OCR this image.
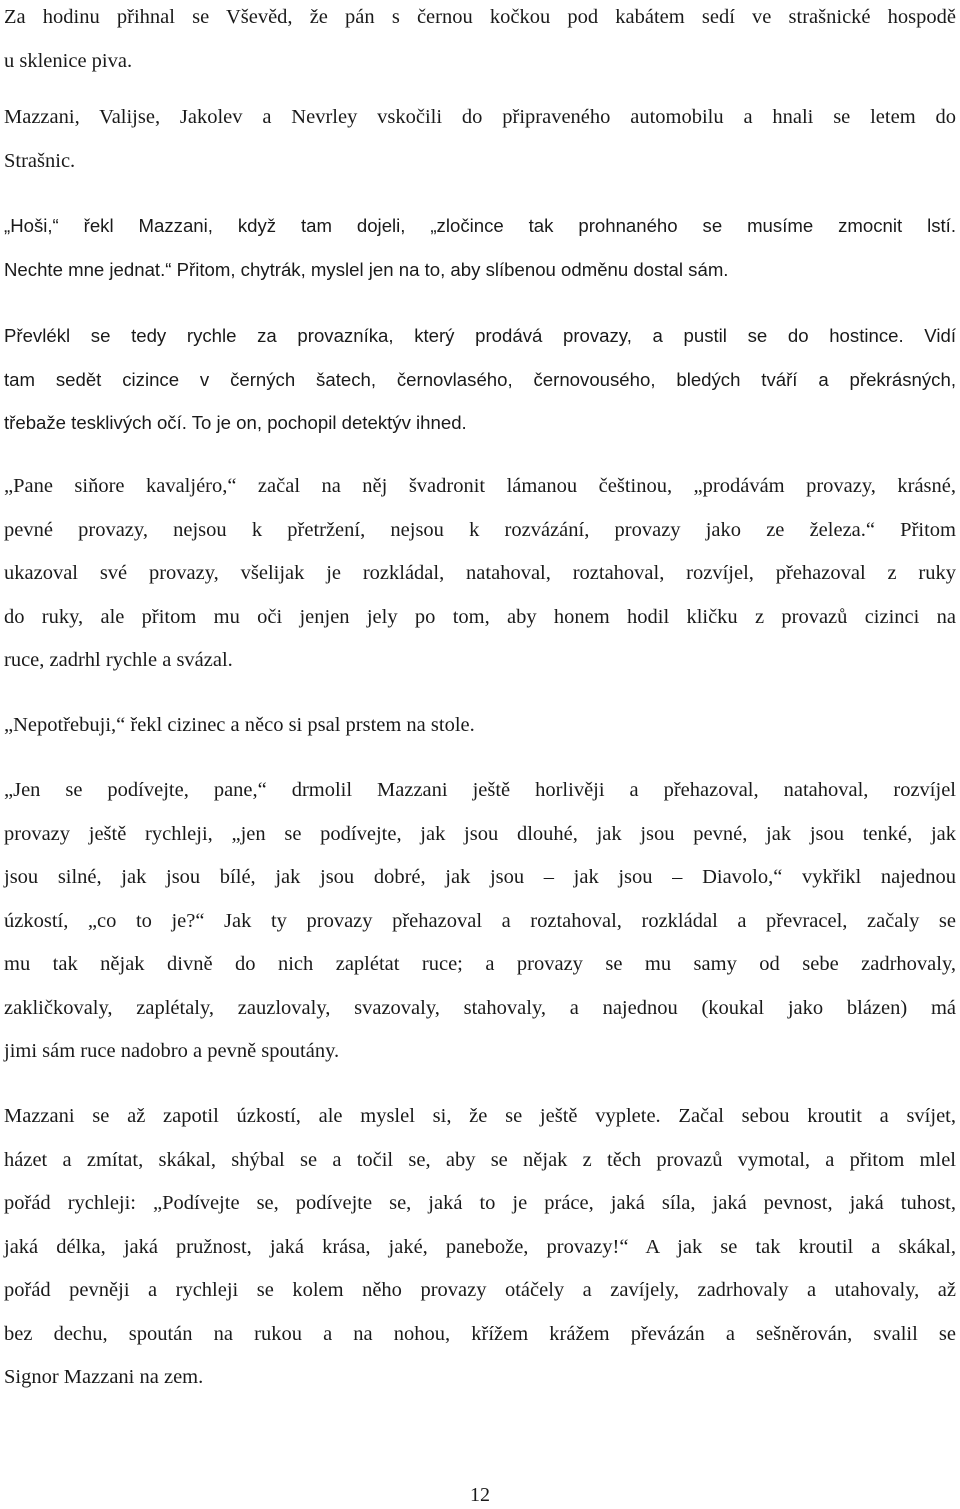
Za hodinu přihnal se Vševěd, že pán s černou kočkou pod kabátem sedí ve strašnické hospodě
u sklenice piva.

Mazzani, Valijse, Jakolev a Nevrley vskočili do připraveného automobilu a hnali se letem do
Strašnic.

„Hoši,“ řekl Mazzani, když tam dojeli, „zločince tak prohnaného se musíme zmocnit lstí.
Nechte mne jednat.“ Přitom, chytrák, myslel jen na to, aby slíbenou odměnu dostal sám.

Převlékl se tedy rychle za provazníka, který prodává provazy, a pustil se do hostince. Vidí
tam sedět cizince v černých šatech, černovlasého, černovousého, bledých tváří a překrásných,
třebaže tesklivých očí. To je on, pochopil detektýv ihned.

„Pane siňore kavaljéro,“ začal na něj švadronit lámanou češtinou, „prodávám provazy, krásné,
pevné provazy, nejsou k přetržení, nejsou k rozvázání, provazy jako ze železa.“ Přitom
ukazoval své provazy, všelijak je rozkládal, natahoval, roztahoval, rozvíjel, přehazoval z ruky
do ruky, ale přitom mu oči jenjen jely po tom, aby honem hodil kličku z provazů cizinci na
ruce, zadrhl rychle a svázal.

„Nepotřebuji,“ řekl cizinec a něco si psal prstem na stole.

„Jen se podívejte, pane,“ drmolil Mazzani ještě horlivěji a přehazoval, natahoval, rozvíjel
provazy ještě rychleji, „jen se podívejte, jak jsou dlouhé, jak jsou pevné, jak jsou tenké, jak
jsou silné, jak jsou bílé, jak jsou dobré, jak jsou – jak jsou – Diavolo,“ vykřikl najednou
úzkostí, „co to je?“ Jak ty provazy přehazoval a roztahoval, rozkládal a převracel, začaly se
mu tak nějak divně do nich zaplétat ruce; a provazy se mu samy od sebe zadrhovaly,
zakličkovaly, zaplétaly, zauzlovaly, svazovaly, stahovaly, a najednou (koukal jako blázen) má
jimi sám ruce nadobro a pevně spoutány.

Mazzani se až zapotil úzkostí, ale myslel si, že se ještě vyplete. Začal sebou kroutit a svíjet,
házet a zmítat, skákal, shýbal se a točil se, aby se nějak z těch provazů vymotal, a přitom mlel
pořád rychleji: „Podívejte se, podívejte se, jaká to je práce, jaká síla, jaká pevnost, jaká tuhost,
jaká délka, jaká pružnost, jaká krása, jaké, panebože, provazy!“ A jak se tak kroutil a skákal,
pořád pevněji a rychleji se kolem něho provazy otáčely a zavíjely, zadrhovaly a utahovaly, až
bez dechu, spoután na rukou a na nohou, křížem krážem převázán a sešněrován, svalil se
Signor Mazzani na zem.

12
